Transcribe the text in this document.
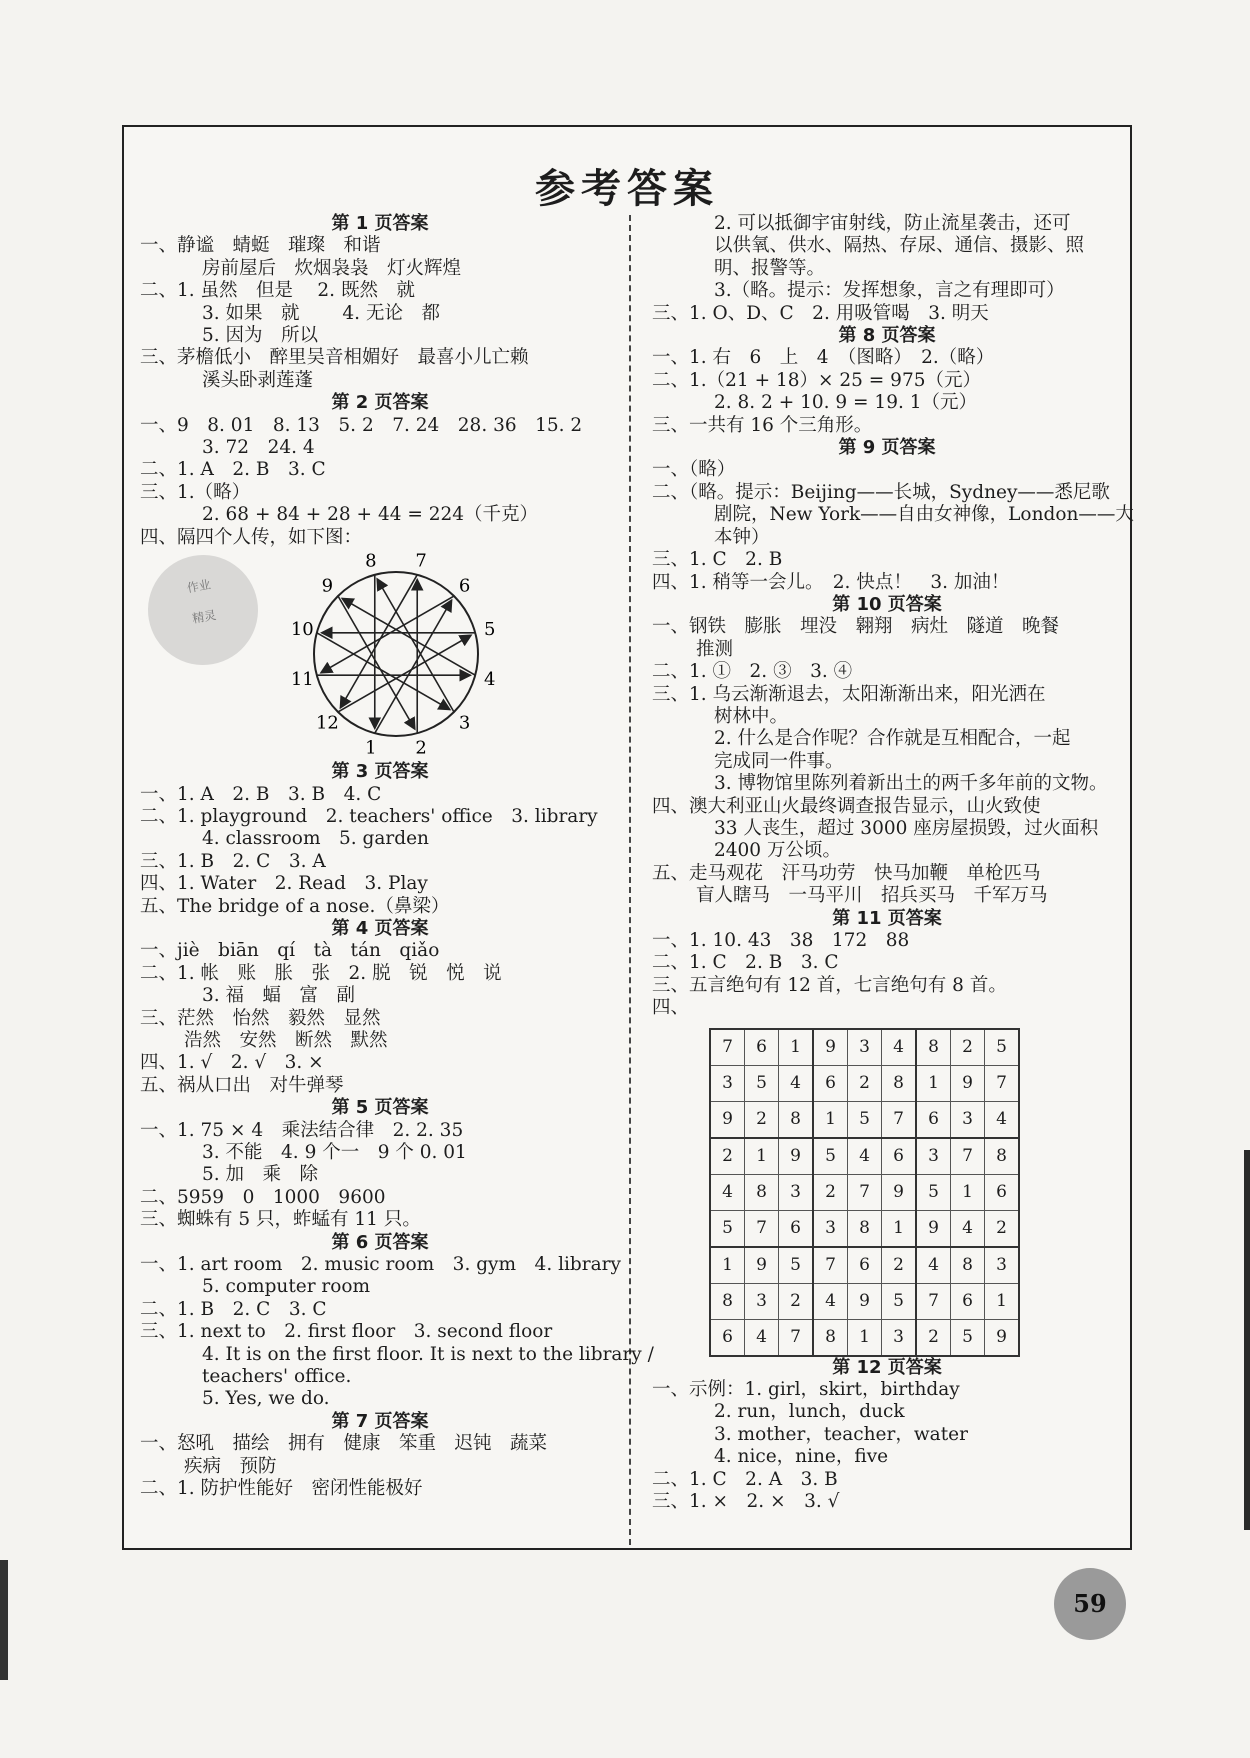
参考答案
第 1 页答案
一、静谧　蜻蜓　璀璨　和谐
房前屋后　炊烟袅袅　灯火辉煌
二、1. 虽然　但是　 2. 既然　就
3. 如果　就　　 4. 无论　都
5. 因为　所以
三、茅檐低小　醉里吴音相媚好　最喜小儿亡赖
溪头卧剥莲蓬
第 2 页答案
一、9　8. 01　8. 13　5. 2　7. 24　28. 36　15. 2
3. 72　24. 4
二、1. A　2. B　3. C
三、1.（略）
2. 68 + 84 + 28 + 44 = 224（千克）
四、隔四个人传，如下图：
1 2
3
4
5
6
7
8
9
10
11
12
第 3 页答案
一、1. A　2. B　3. B　4. C
二、1. playground　2. teachers' office　3. library
4. classroom　5. garden
三、1. B　2. C　3. A
四、1. Water　2. Read　3. Play
五、The bridge of a nose.（鼻梁）
第 4 页答案
一、jiè　biān　qí　tà　tán　qiǎo
二、1. 帐　账　胀　张　2. 脱　锐　悦　说
3. 福　蝠　富　副
三、茫然　怡然　毅然　显然
浩然　安然　断然　默然
四、1. √　2. √　3. ×
五、祸从口出　对牛弹琴
第 5 页答案
一、1. 75 × 4　乘法结合律　2. 2. 35
3. 不能　4. 9 个一　9 个 0. 01
5. 加　乘　除
二、5959　0　1000　9600
三、蜘蛛有 5 只，蚱蜢有 11 只。
第 6 页答案
一、1. art room　2. music room　3. gym　4. library
5. computer room
二、1. B　2. C　3. C
三、1. next to　2. first floor　3. second floor
4. It is on the first floor. It is next to the library /
teachers' office.
5. Yes, we do.
第 7 页答案
一、怒吼　描绘　拥有　健康　笨重　迟钝　蔬菜
疾病　预防
二、1. 防护性能好　密闭性能极好
2. 可以抵御宇宙射线，防止流星袭击，还可
以供氧、供水、隔热、存尿、通信、摄影、照
明、报警等。
3.（略。提示：发挥想象，言之有理即可）
三、1. O、D、C　2. 用吸管喝　3. 明天
第 8 页答案
一、1. 右　6　上　4　（图略）　2.（略）
二、1.（21 + 18）× 25 = 975（元）
2. 8. 2 + 10. 9 = 19. 1（元）
三、一共有 16 个三角形。
第 9 页答案
一、（略）
二、（略。提示：Beijing——长城，Sydney——悉尼歌
剧院，New York——自由女神像，London——大
本钟）
三、1. C　2. B
四、1. 稍等一会儿。　2. 快点！　3. 加油！
第 10 页答案
一、钢铁　膨胀　埋没　翱翔　病灶　隧道　晚餐
推测
二、1. ①　2. ③　3. ④
三、1. 乌云渐渐退去，太阳渐渐出来，阳光洒在
树林中。
2. 什么是合作呢？合作就是互相配合，一起
完成同一件事。
3. 博物馆里陈列着新出土的两千多年前的文物。
四、澳大利亚山火最终调查报告显示，山火致使
33 人丧生，超过 3000 座房屋损毁，过火面积
2400 万公顷。
五、走马观花　汗马功劳　快马加鞭　单枪匹马
盲人瞎马　一马平川　招兵买马　千军万马
第 11 页答案
一、1. 10. 43　38　172　88
二、1. C　2. B　3. C
三、五言绝句有 12 首，七言绝句有 8 首。
四、
7	6	1	9	3	4	8	2	5
3	5	4	6	2	8	1	9	7
9	2	8	1	5	7	6	3	4
2	1	9	5	4	6	3	7	8
4	8	3	2	7	9	5	1	6
5	7	6	3	8	1	9	4	2
1	9	5	7	6	2	4	8	3
8	3	2	4	9	5	7	6	1
6	4	7	8	1	3	2	5	9
第 12 页答案
一、示例：1. girl，skirt，birthday
2. run，lunch，duck
3. mother，teacher，water
4. nice，nine，five
二、1. C　2. A　3. B
三、1. ×　2. ×　3. √
作业
精灵
59
